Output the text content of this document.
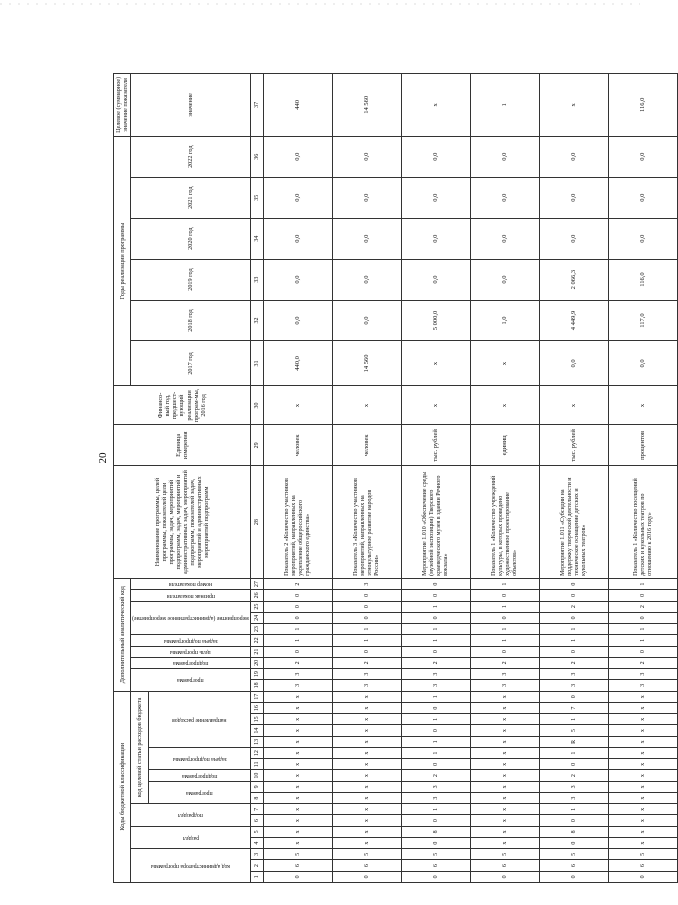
20
Коды бюджетной классификации																	Дополнительный аналитический код										Наименование программы, целей программы, показателей цели программы, задач, мероприятий подпрограмм, задач, мероприятий и административных задач, мероприятий подпрограмм, показателей задач, мероприятий и административных мероприятий подпрограмм	Единица измерения	Финансо-вый год, предшест-вующий реализации програм-мы, 2016 год	Годы реализации программы						Целевое (суммарное) значение показателя

код администратора программы			раздел		подраздел		код целевой статьи расходов бюджета										программа		подпрограмма	цель программы	задача подпрограммы	мероприятие (административное мероприятие)			признак показателя	номер показателя				2017 год	2018 год	2019 год	2020 год	2021 год	2022 год	значение

							программа		подпрограмма	задача подпрограммы		направление расходов																								

1	2	3	4	5	6	7	8	9	10	11	12	13	14	15	16	17	18	19	20	21	22	23	24	25	26	27	28	29	30	31	32	33	34	35	36	37
0	6	5	х	х	х	х	х	х	х	х	х	х	х	х	х	х	3	3	2	0	1	1	0	0	0	2	Показатель 2 «Количество участников мероприятий, направленных на укрепление общероссийского гражданского единства»	человек	х	440,0	0,0	0,0	0,0	0,0	0,0	440
0	6	5	х	х	х	х	х	х	х	х	х	х	х	х	х	х	3	3	2	0	1	1	0	0	0	3	Показатель 3 «Количество участников мероприятий, направленных на этнокультурное развитие народов России»	человек	х	14 560	0,0	0,0	0,0	0,0	0,0	14 560
0	6	5	0	8	0	1	3	3	2	0	1	1	0	1	0	1	3	3	2	0	1	1	0	1	0	0	Мероприятие 1.010 «Обеспечение среды (музейной экспозиции) Тверского краеведческого музея в здании Речного вокзала»	тыс. рублей	х	х	5 000,0	0,0	0,0	0,0	0,0	х
0	6	5	х	х	х	х	х	х	х	х	х	х	х	х	х	х	3	3	2	0	1	1	0	1	0	1	Показатель 1 «Количество учреждений культуры, в которых проведено художественное проектирование объектов»	единиц	х	х	1,0	0,0	0,0	0,0	0,0	1
0	6	5	0	8	0	1	3	3	2	0	1	R	5	1	7	0	3	3	2	0	1	1	0	2	0	0	Мероприятие 1.011 «Субсидии на поддержку творческой деятельности и техническое оснащение детских и кукольных театров»	тыс. рублей	х	0,0	4 449,9	2 066,3	0,0	0,0	0,0	х
0	6	5	х	х	х	х	х	х	х	х	х	х	х	х	х	х	3	3	2	0	1	1	0	2	0	1	Показатель 1 «Количество посещений детских и кукольных театров по отношению к 2016 году»	процентов	х	0,0	117,0	116,0	0,0	0,0	0,0	116,0
